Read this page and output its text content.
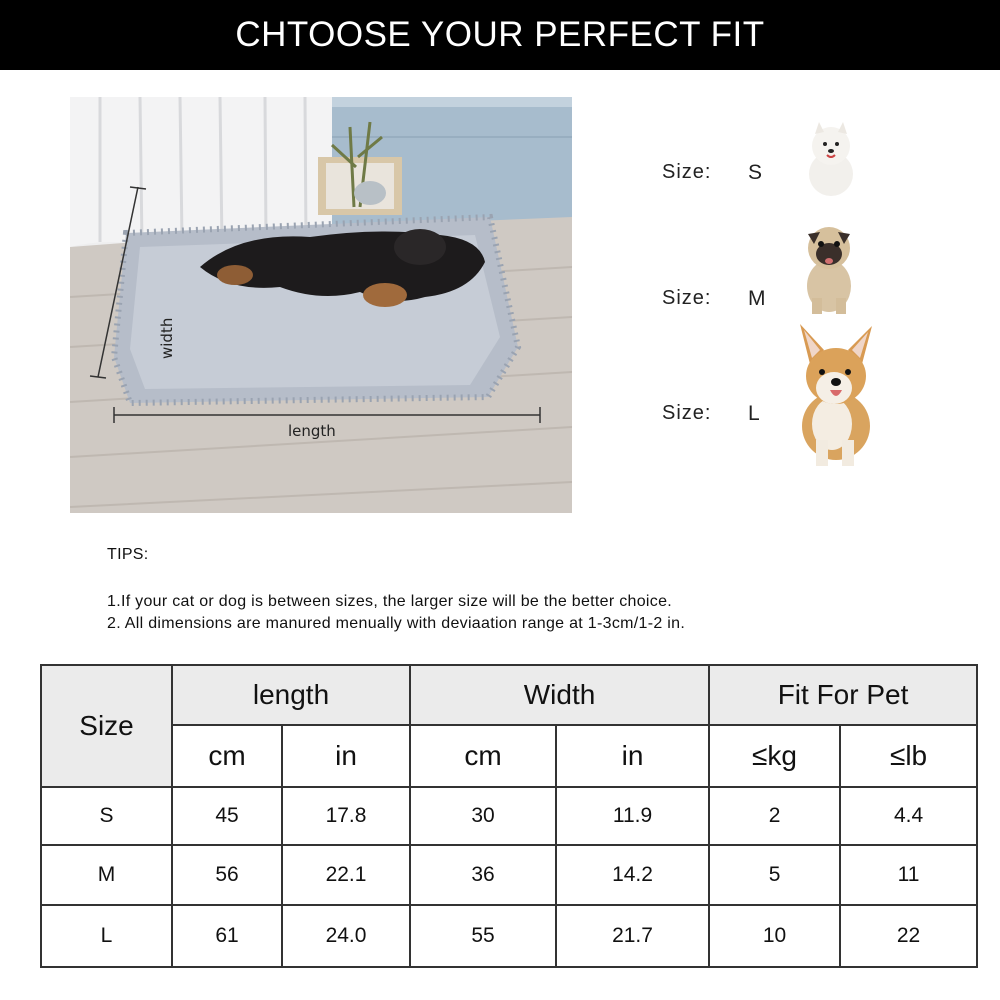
CHTOOSE YOUR PERFECT FIT
width
length
Size:	S
Size:	M
Size:	L
TIPS:
1.If your cat or dog is between sizes, the larger size will be the better choice.
2. All dimensions are manured menually with deviaation range at 1-3cm/1-2 in.
Size	length		Width		Fit For Pet	
	cm	in	cm	in	≤kg	≤lb
S	45	17.8	30	11.9	2	4.4
M	56	22.1	36	14.2	5	11
L	61	24.0	55	21.7	10	22
